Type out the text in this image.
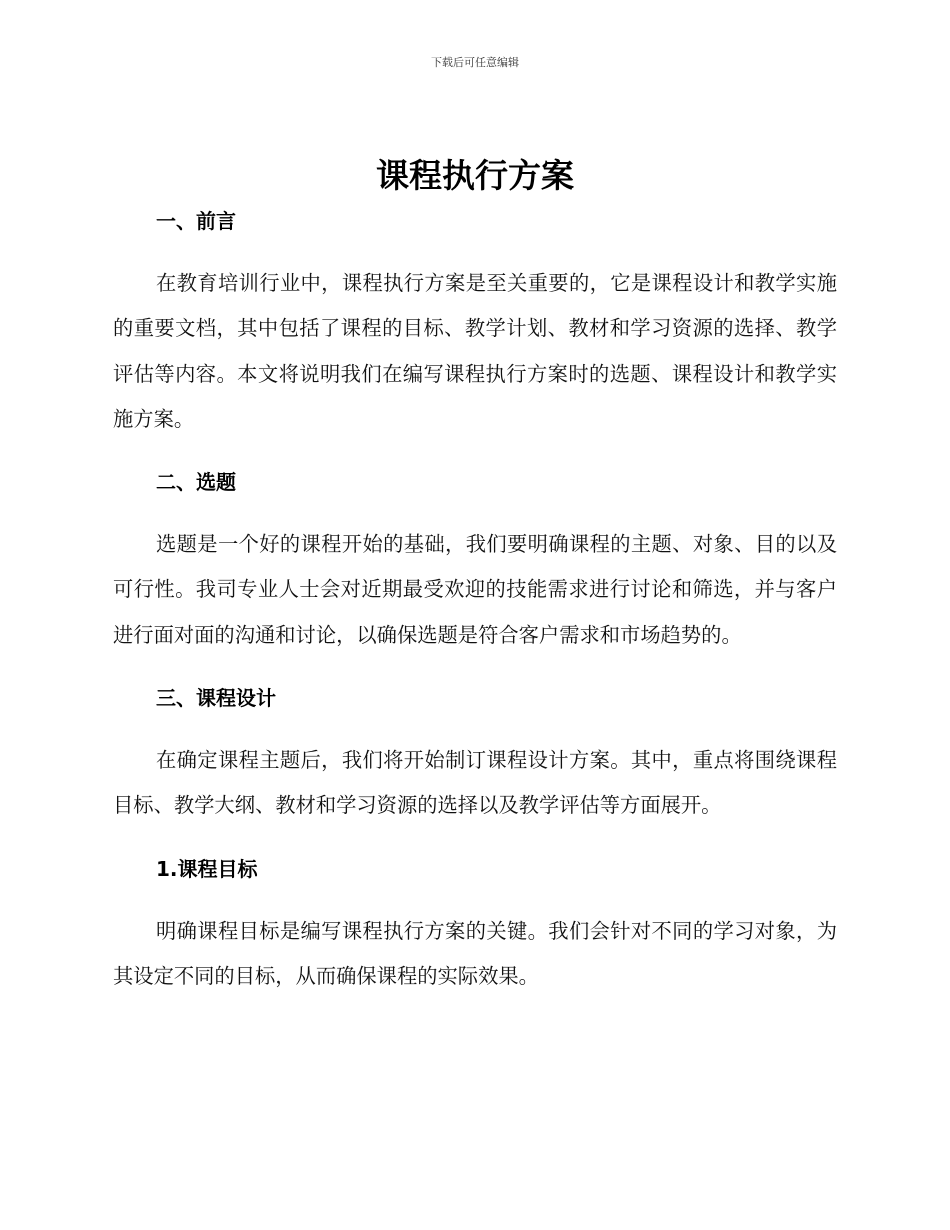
下载后可任意编辑
课程执行方案
一、前言

在教育培训行业中，课程执行方案是至关重要的，它是课程设计和教学实施的重要文档，其中包括了课程的目标、教学计划、教材和学习资源的选择、教学评估等内容。本文将说明我们在编写课程执行方案时的选题、课程设计和教学实施方案。

二、选题

选题是一个好的课程开始的基础，我们要明确课程的主题、对象、目的以及可行性。我司专业人士会对近期最受欢迎的技能需求进行讨论和筛选，并与客户进行面对面的沟通和讨论，以确保选题是符合客户需求和市场趋势的。

三、课程设计

在确定课程主题后，我们将开始制订课程设计方案。其中，重点将围绕课程目标、教学大纲、教材和学习资源的选择以及教学评估等方面展开。

1.课程目标

明确课程目标是编写课程执行方案的关键。我们会针对不同的学习对象，为其设定不同的目标，从而确保课程的实际效果。
